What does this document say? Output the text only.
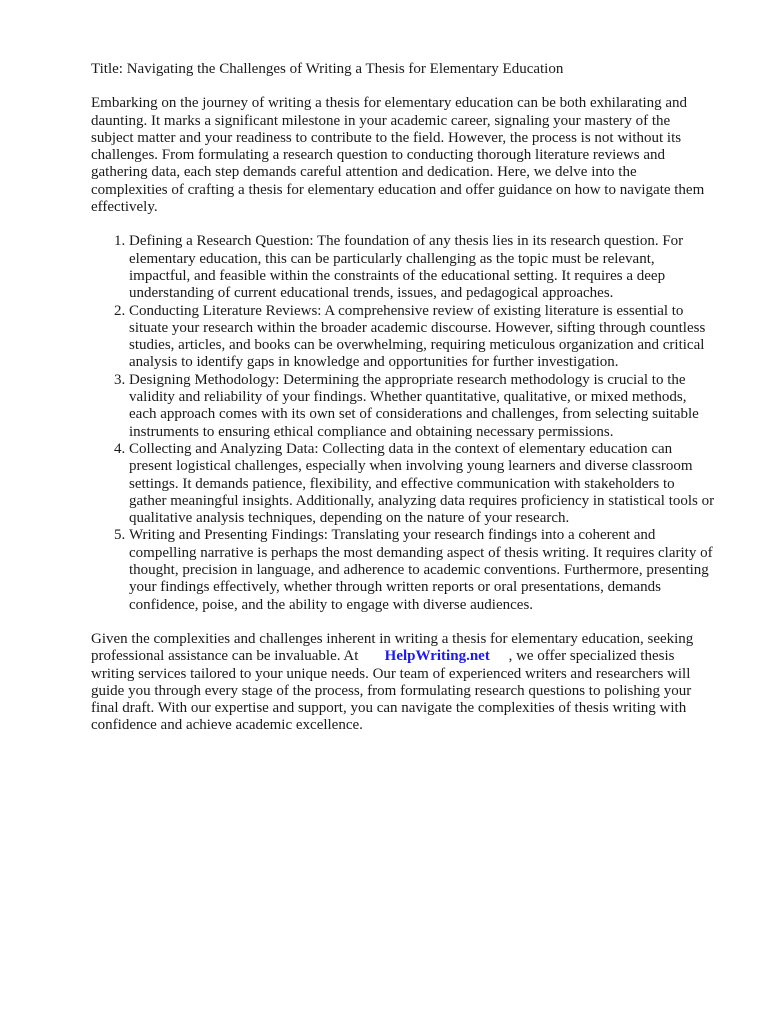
Title: Navigating the Challenges of Writing a Thesis for Elementary Education

Embarking on the journey of writing a thesis for elementary education can be both exhilarating and daunting. It marks a significant milestone in your academic career, signaling your mastery of the subject matter and your readiness to contribute to the field. However, the process is not without its challenges. From formulating a research question to conducting thorough literature reviews and gathering data, each step demands careful attention and dedication. Here, we delve into the complexities of crafting a thesis for elementary education and offer guidance on how to navigate them effectively.

1. Defining a Research Question: The foundation of any thesis lies in its research question. For elementary education, this can be particularly challenging as the topic must be relevant, impactful, and feasible within the constraints of the educational setting. It requires a deep understanding of current educational trends, issues, and pedagogical approaches.
2. Conducting Literature Reviews: A comprehensive review of existing literature is essential to situate your research within the broader academic discourse. However, sifting through countless studies, articles, and books can be overwhelming, requiring meticulous organization and critical analysis to identify gaps in knowledge and opportunities for further investigation.
3. Designing Methodology: Determining the appropriate research methodology is crucial to the validity and reliability of your findings. Whether quantitative, qualitative, or mixed methods, each approach comes with its own set of considerations and challenges, from selecting suitable instruments to ensuring ethical compliance and obtaining necessary permissions.
4. Collecting and Analyzing Data: Collecting data in the context of elementary education can present logistical challenges, especially when involving young learners and diverse classroom settings. It demands patience, flexibility, and effective communication with stakeholders to gather meaningful insights. Additionally, analyzing data requires proficiency in statistical tools or qualitative analysis techniques, depending on the nature of your research.
5. Writing and Presenting Findings: Translating your research findings into a coherent and compelling narrative is perhaps the most demanding aspect of thesis writing. It requires clarity of thought, precision in language, and adherence to academic conventions. Furthermore, presenting your findings effectively, whether through written reports or oral presentations, demands confidence, poise, and the ability to engage with diverse audiences.

Given the complexities and challenges inherent in writing a thesis for elementary education, seeking professional assistance can be invaluable. At HelpWriting.net , we offer specialized thesis writing services tailored to your unique needs. Our team of experienced writers and researchers will guide you through every stage of the process, from formulating research questions to polishing your final draft. With our expertise and support, you can navigate the complexities of thesis writing with confidence and achieve academic excellence.
